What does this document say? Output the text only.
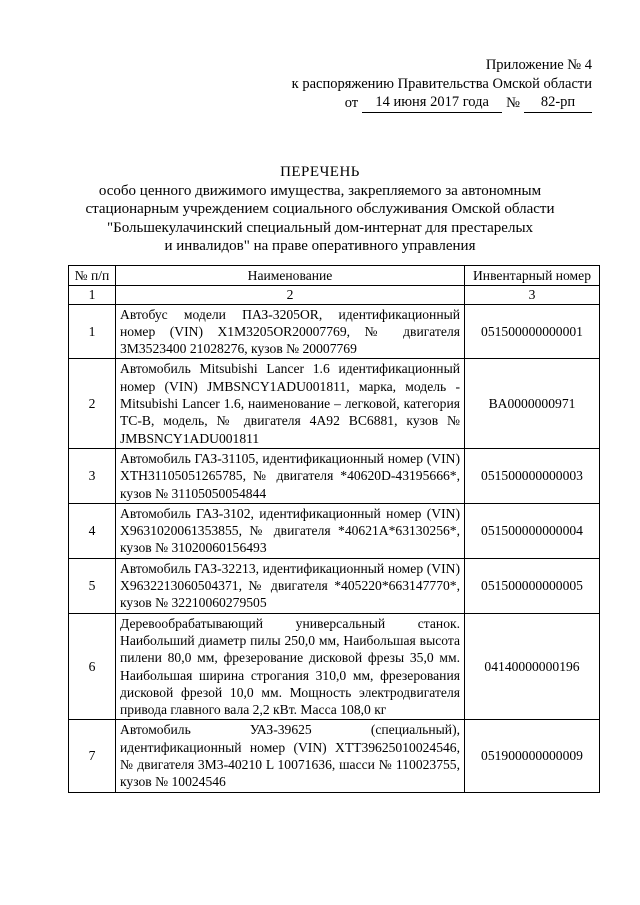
Приложение № 4
к распоряжению Правительства Омской области
от	14 июня 2017 года	№	82-рп
ПЕРЕЧЕНЬ
особо ценного движимого имущества, закрепляемого за автономным
стационарным учреждением социального обслуживания Омской области
"Большекулачинский специальный дом-интернат для престарелых
и инвалидов" на праве оперативного управления
№ п/п	Наименование	Инвентарный номер
1	2	3
1	Автобус модели ПАЗ-3205OR, идентификационный номер (VIN) X1M3205OR20007769, № двигателя 3M3523400 21028276, кузов № 20007769	051500000000001
2	Автомобиль Mitsubishi Lancer 1.6 идентификационный номер (VIN) JMBSNCY1ADU001811, марка, модель - Mitsubishi Lancer 1.6, наименование – легковой, категория ТС-В, модель, № двигателя 4A92 BC6881, кузов № JMBSNCY1ADU001811	BA0000000971
3	Автомобиль ГАЗ-31105, идентификационный номер (VIN) XTH31105051265785, № двигателя *40620D-43195666*, кузов № 31105050054844	051500000000003
4	Автомобиль ГАЗ-3102, идентификационный номер (VIN) X9631020061353855, № двигателя *40621A*63130256*, кузов № 31020060156493	051500000000004
5	Автомобиль ГАЗ-32213, идентификационный номер (VIN) X9632213060504371, № двигателя *405220*663147770*, кузов № 32210060279505	051500000000005
6	Деревообрабатывающий универсальный станок. Наибольший диаметр пилы 250,0 мм, Наибольшая высота пилени 80,0 мм, фрезерование дисковой фрезы 35,0 мм. Наибольшая ширина строгания 310,0 мм, фрезерования дисковой фрезой 10,0 мм. Мощность электродвигателя привода главного вала 2,2 кВт. Масса 108,0 кг	04140000000196
7	Автомобиль УАЗ-39625 (специальный), идентификационный номер (VIN) XTT39625010024546, № двигателя 3M3-40210 L 10071636, шасси № 110023755, кузов № 10024546	051900000000009
